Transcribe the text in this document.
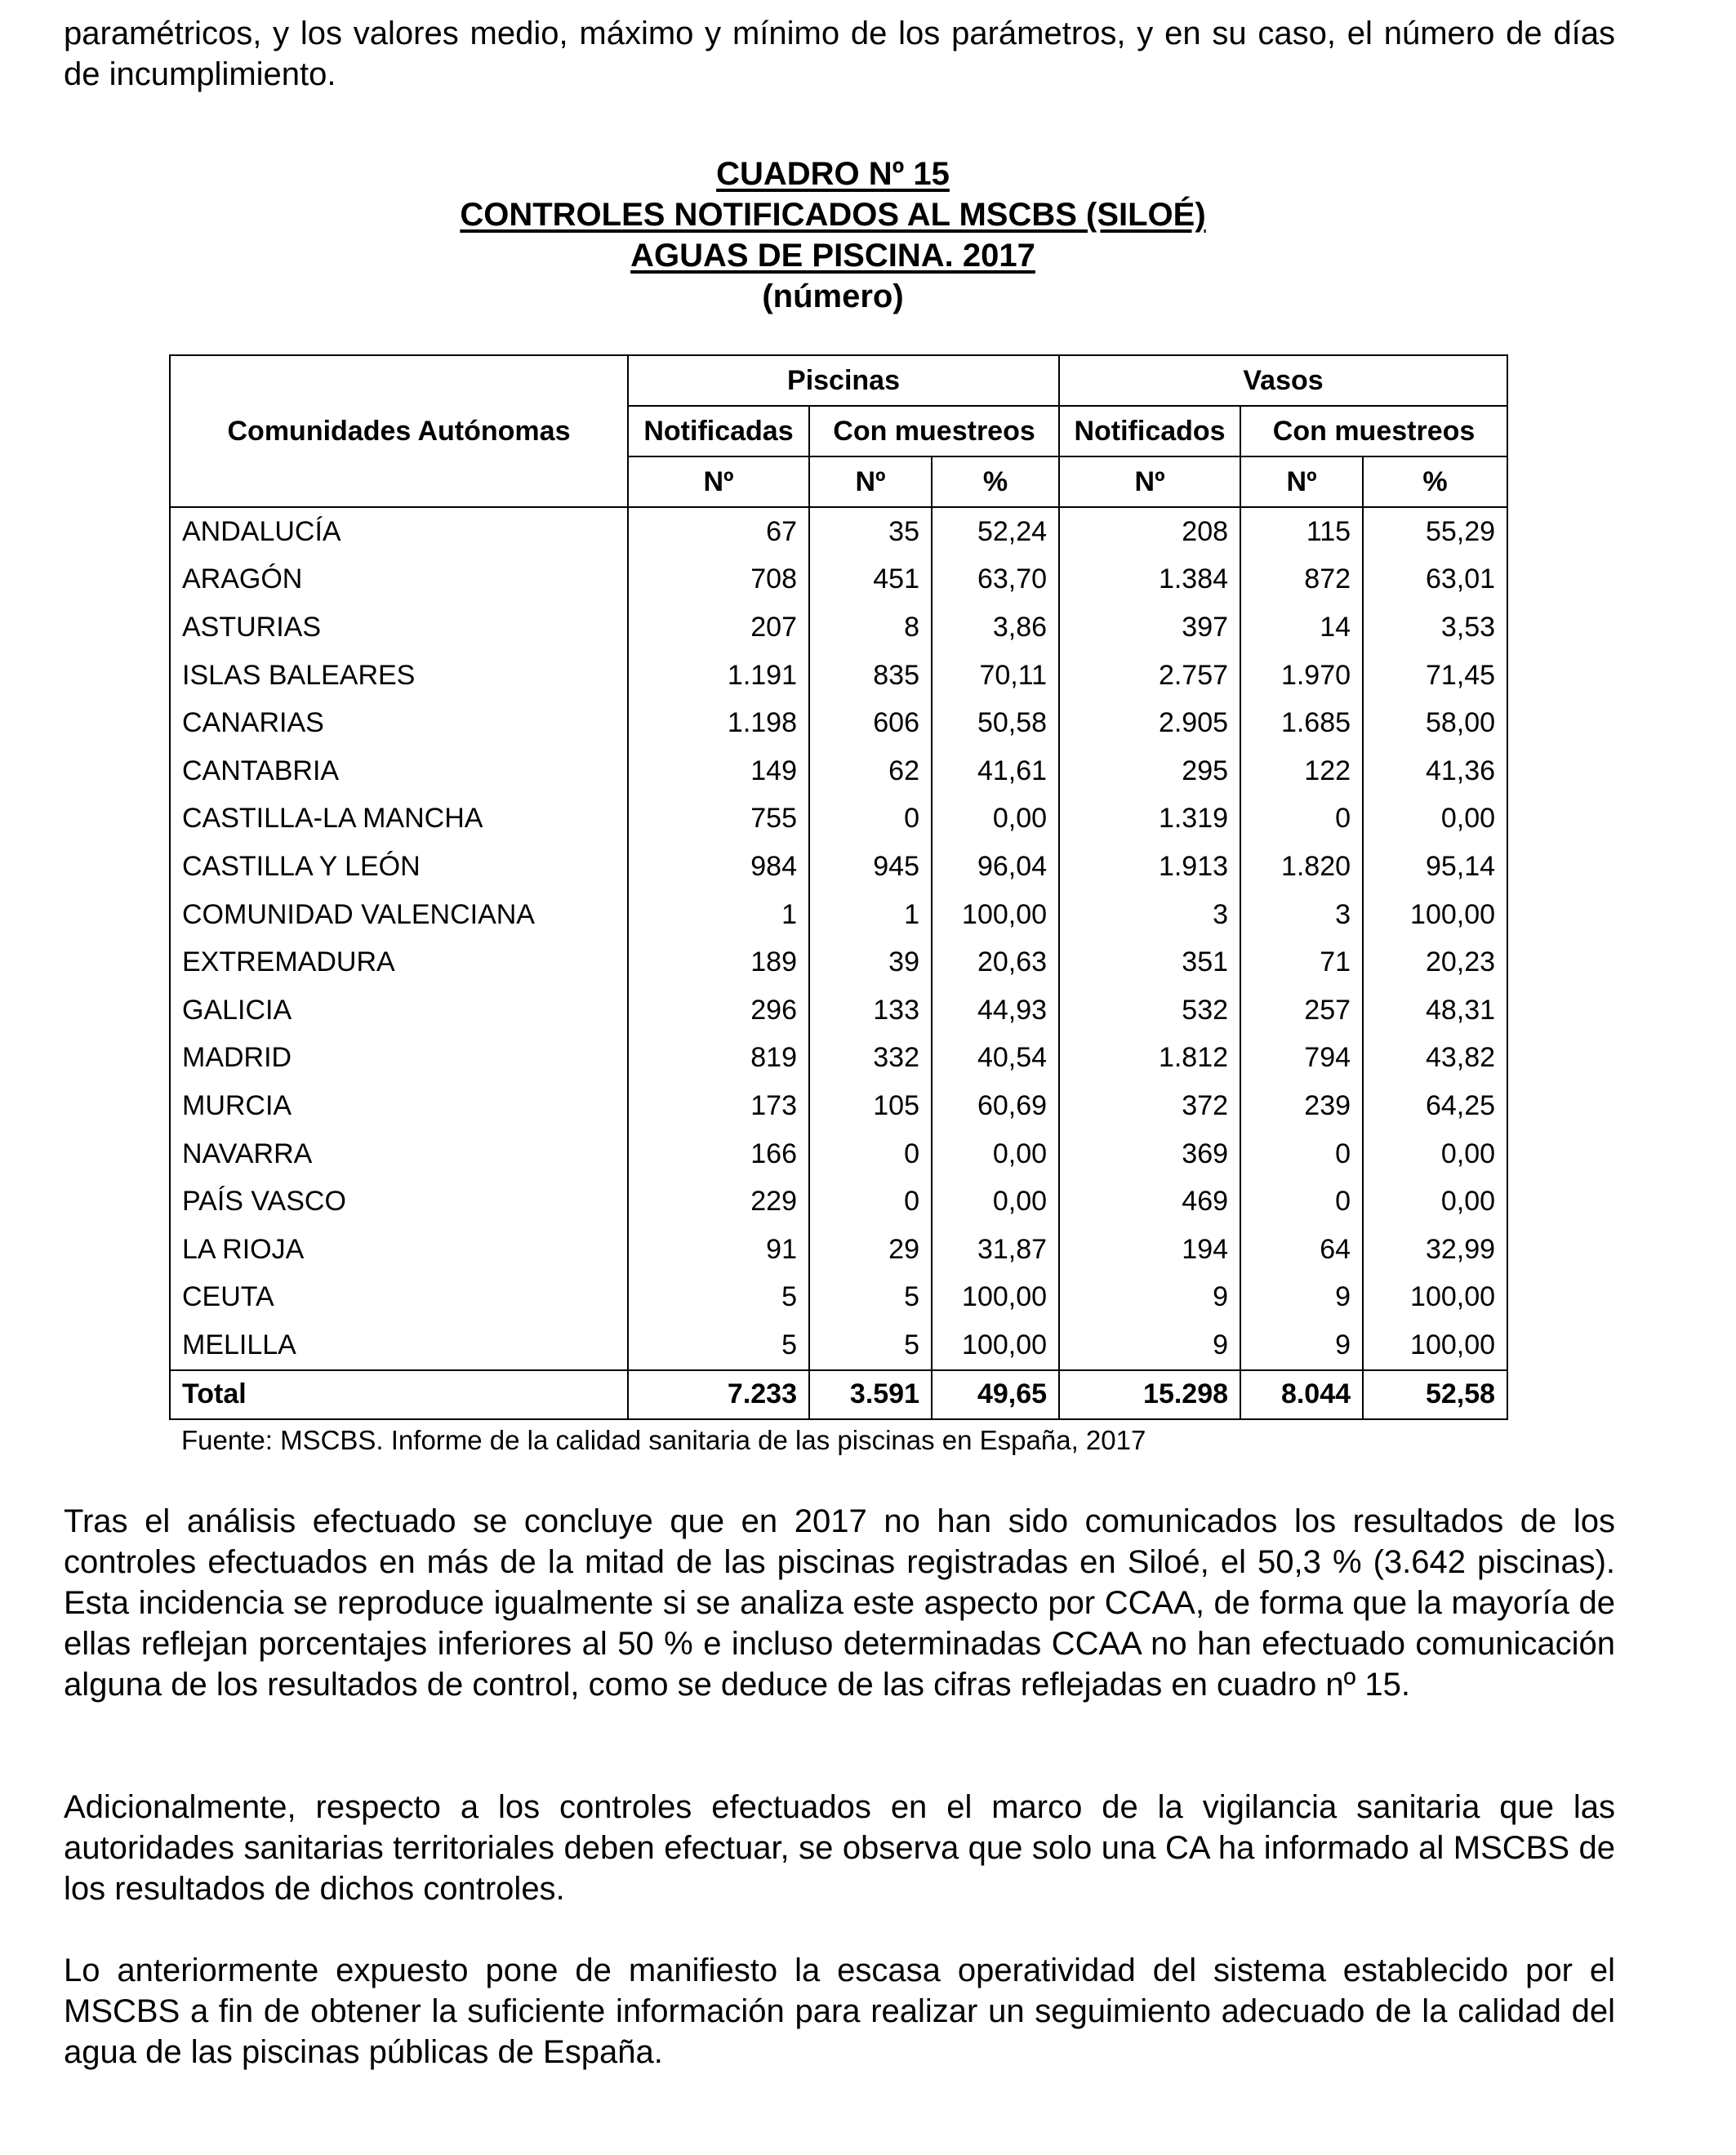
paramétricos, y los valores medio, máximo y mínimo de los parámetros, y en su caso, el número de días de incumplimiento.

CUADRO Nº 15
CONTROLES NOTIFICADOS AL MSCBS (SILOÉ)
AGUAS DE PISCINA. 2017
(número)
Comunidades Autónomas	Piscinas			Vasos		
	Notificadas	Con muestreos		Notificados	Con muestreos	
	Nº	Nº	%	Nº	Nº	%
ANDALUCÍA	67	35	52,24	208	115	55,29
ARAGÓN	708	451	63,70	1.384	872	63,01
ASTURIAS	207	8	3,86	397	14	3,53
ISLAS BALEARES	1.191	835	70,11	2.757	1.970	71,45
CANARIAS	1.198	606	50,58	2.905	1.685	58,00
CANTABRIA	149	62	41,61	295	122	41,36
CASTILLA-LA MANCHA	755	0	0,00	1.319	0	0,00
CASTILLA Y LEÓN	984	945	96,04	1.913	1.820	95,14
COMUNIDAD VALENCIANA	1	1	100,00	3	3	100,00
EXTREMADURA	189	39	20,63	351	71	20,23
GALICIA	296	133	44,93	532	257	48,31
MADRID	819	332	40,54	1.812	794	43,82
MURCIA	173	105	60,69	372	239	64,25
NAVARRA	166	0	0,00	369	0	0,00
PAÍS VASCO	229	0	0,00	469	0	0,00
LA RIOJA	91	29	31,87	194	64	32,99
CEUTA	5	5	100,00	9	9	100,00
MELILLA	5	5	100,00	9	9	100,00
Total	7.233	3.591	49,65	15.298	8.044	52,58
Fuente: MSCBS. Informe de la calidad sanitaria de las piscinas en España, 2017

Tras el análisis efectuado se concluye que en 2017 no han sido comunicados los resultados de los controles efectuados en más de la mitad de las piscinas registradas en Siloé, el 50,3 % (3.642 piscinas). Esta incidencia se reproduce igualmente si se analiza este aspecto por CCAA, de forma que la mayoría de ellas reflejan porcentajes inferiores al 50 % e incluso determinadas CCAA no han efectuado comunicación alguna de los resultados de control, como se deduce de las cifras reflejadas en cuadro nº 15.

Adicionalmente, respecto a los controles efectuados en el marco de la vigilancia sanitaria que las autoridades sanitarias territoriales deben efectuar, se observa que solo una CA ha informado al MSCBS de los resultados de dichos controles.

Lo anteriormente expuesto pone de manifiesto la escasa operatividad del sistema establecido por el MSCBS a fin de obtener la suficiente información para realizar un seguimiento adecuado de la calidad del agua de las piscinas públicas de España.
